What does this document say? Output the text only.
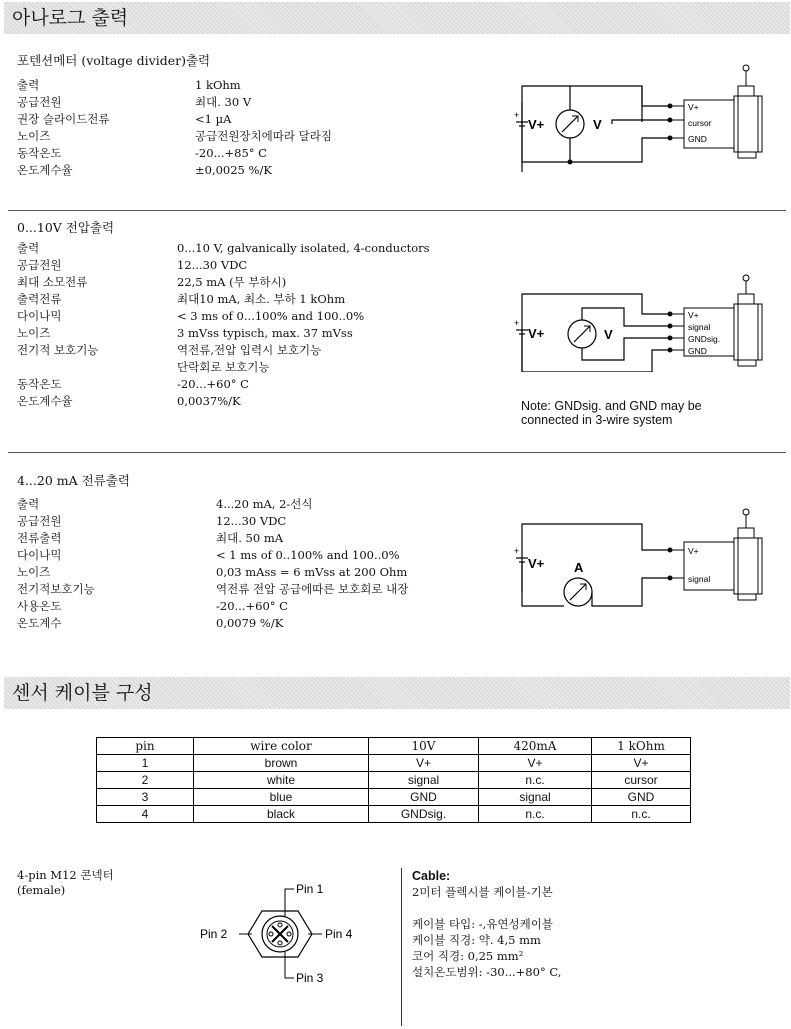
아나로그 출력
포텐션메터 (voltage divider)출력
출력	1 kOhm
공급전원	최대. 30 V
권장 슬라이드전류	<1 µA
노이즈	공급전원장치에따라 달라짐
동작온도	-20...+85° C
온도계수율	±0,0025 %/K
+
V+	V
V+
cursor
GND
0...10V 전압출력
출력	0...10 V, galvanically isolated, 4-conductors
공급전원	12...30 VDC
최대 소모전류	22,5 mA (무 부하시)
출력전류	최대10 mA, 최소. 부하 1 kOhm
다이나믹	< 3 ms of 0...100% and 100..0%
노이즈	3 mVss typisch, max. 37 mVss
전기적 보호기능	역전류,전압 입력시 보호기능
단락회로 보호기능
동작온도	-20...+60° C
온도계수율	0,0037%/K
+
V+	V
V+
signal
GNDsig.
GND
Note: GNDsig. and GND may be
connected in 3-wire system
4...20 mA 전류출력
출력	4...20 mA, 2-선식
공급전원	12...30 VDC
전류출력	최대. 50 mA
다이나믹	< 1 ms of 0..100% and 100..0%
노이즈	0,03 mAss = 6 mVss at 200 Ohm
전기적보호기능	역전류 전압 공급에따른 보호회로 내장
사용온도	-20...+60° C
온도계수	0,0079 %/K
+
V+ A
V+
signal
센서 케이블 구성
pin	wire color	10V	420mA	1 kOhm
1	brown	V+	V+	V+
2	white	signal	n.c.	cursor
3	blue	GND	signal	GND
4	black	GNDsig.	n.c.	n.c.
4-pin M12 콘넥터
(female)	Pin 1
Pin 2
Pin 3
Pin 4
Cable:
2미터 플렉시블 케이블-기본

케이블 타입: -,유연성케이블
케이블 직경: 약. 4,5 mm
코어 직경: 0,25 mm²
설치온도범위: -30...+80° C,
